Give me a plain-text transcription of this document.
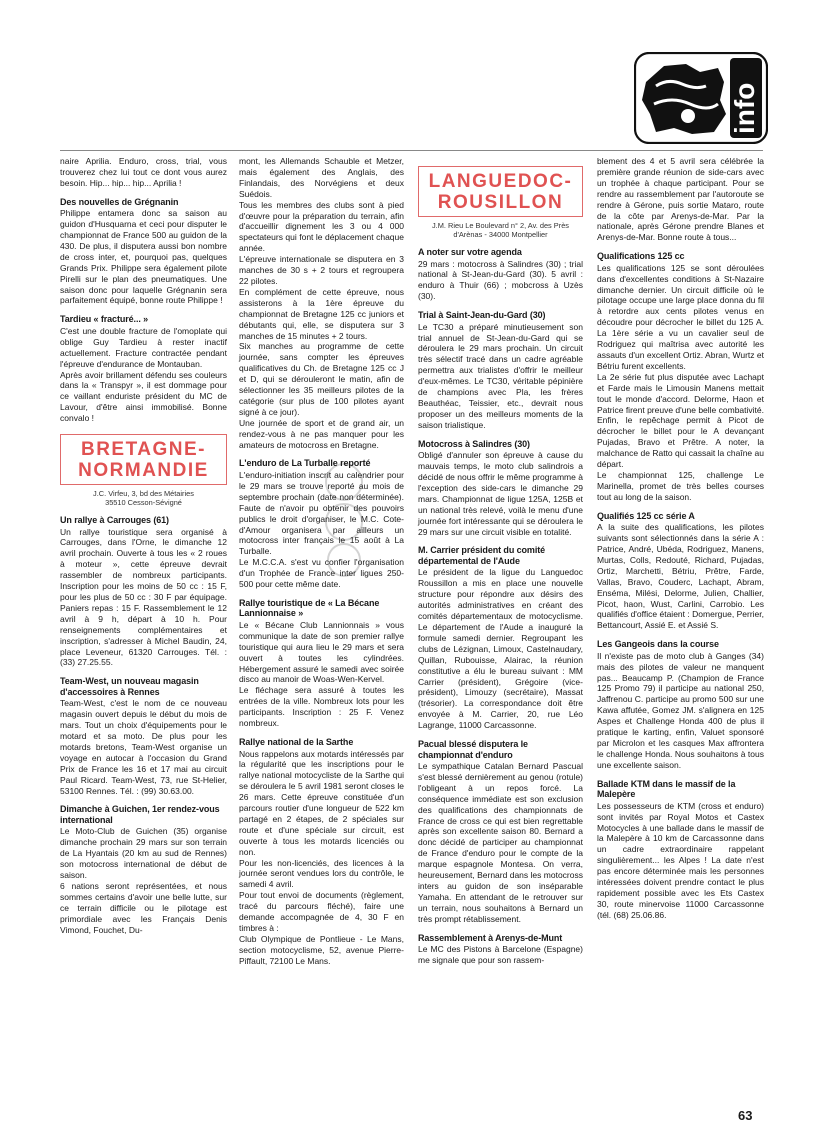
info

naire Aprilia. Enduro, cross, trial, vous trouverez chez lui tout ce dont vous aurez besoin. Hip... hip... hip... Aprilia !

Des nouvelles de Grégnanin

Philippe entamera donc sa saison au guidon d'Husquarna et ceci pour disputer le championnat de France 500 au guidon de la 430. De plus, il disputera aussi bon nombre de cross inter, et, pourquoi pas, quelques Grands Prix. Philippe sera également pilote Pirelli sur le plan des pneumatiques. Une saison donc pour laquelle Grégnanin sera parfaitement équipé, bonne route Philippe !

Tardieu « fracturé... »

C'est une double fracture de l'omoplate qui oblige Guy Tardieu à rester inactif actuellement. Fracture contractée pendant l'épreuve d'endurance de Montauban.

Après avoir brillament défendu ses couleurs dans la « Transpyr », il est dommage pour ce vaillant enduriste président du MC de Lavour, d'être ainsi immobilisé. Bonne convalo !

BRETAGNE-
NORMANDIE
J.C. Virfeu, 3, bd des Métairies
35510 Cesson-Sévigné
Un rallye à Carrouges (61)

Un rallye touristique sera organisé à Carrouges, dans l'Orne, le dimanche 12 avril prochain. Ouverte à tous les « 2 roues à moteur », cette épreuve devrait rassembler de nombreux participants. Inscription pour les moins de 50 cc : 15 F, pour les plus de 50 cc : 30 F par équipage. Paniers repas : 15 F. Rassemblement le 12 avril à 9 h, départ à 10 h. Pour renseignements complémentaires et inscription, s'adresser à Michel Baudin, 24, place Leveneur, 61320 Carrouges. Tél. : (33) 27.25.55.

Team-West, un nouveau magasin d'accessoires à Rennes

Team-West, c'est le nom de ce nouveau magasin ouvert depuis le début du mois de mars. Tout un choix d'équipements pour le motard et sa moto. De plus pour les motards bretons, Team-West organise un voyage en autocar à l'occasion du Grand Prix de France les 16 et 17 mai au circuit Paul Ricard. Team-West, 73, rue St-Helier, 53100 Rennes. Tél. : (99) 30.63.00.

Dimanche à Guichen, 1er rendez-vous international

Le Moto-Club de Guichen (35) organise dimanche prochain 29 mars sur son terrain de La Hyantais (20 km au sud de Rennes) son motocross international de début de saison.

6 nations seront représentées, et nous sommes certains d'avoir une belle lutte, sur ce terrain difficile ou le pilotage est primordiale avec les Français Denis Vimond, Fouchet, Du-

mont, les Allemands Schauble et Metzer, mais également des Anglais, des Finlandais, des Norvégiens et deux Suédois.

Tous les membres des clubs sont à pied d'œuvre pour la préparation du terrain, afin d'accueillir dignement les 3 ou 4 000 spectateurs qui font le déplacement chaque année.

L'épreuve internationale se disputera en 3 manches de 30 s + 2 tours et regroupera 22 pilotes.

En complément de cette épreuve, nous assisterons à la 1ère épreuve du championnat de Bretagne 125 cc juniors et débutants qui, elle, se disputera sur 3 manches de 15 minutes + 2 tours.

Six manches au programme de cette journée, sans compter les épreuves qualificatives du Ch. de Bretagne 125 cc J et D, qui se dérouleront le matin, afin de sélectionner les 35 meilleurs pilotes de la catégorie (sur plus de 100 pilotes ayant signé à ce jour).

Une journée de sport et de grand air, un rendez-vous à ne pas manquer pour les amateurs de motocross en Bretagne.

L'enduro de La Turballe reporté

L'enduro-initiation inscrit au calendrier pour le 29 mars se trouve reporté au mois de septembre prochain (date non déterminée). Faute de n'avoir pu obtenir des pouvoirs publics le droit d'organiser, le M.C. Cote-d'Amour organisera par ailleurs un motocross inter français le 15 août à La Turballe.

Le M.C.C.A. s'est vu confier l'organisation d'un Trophée de France inter ligues 250-500 pour cette même date.

Rallye touristique de « La Bécane Lannionnaise »

Le « Bécane Club Lannionnais » vous communique la date de son premier rallye touristique qui aura lieu le 29 mars et sera ouvert à toutes les cylindrées. Hébergement assuré le samedi avec soirée disco au manoir de Woas-Wen-Kervel.

Le fléchage sera assuré à toutes les entrées de la ville. Nombreux lots pour les participants. Inscription : 25 F. Venez nombreux.

Rallye national de la Sarthe

Nous rappelons aux motards intéressés par la régularité que les inscriptions pour le rallye national motocycliste de la Sarthe qui se déroulera le 5 avril 1981 seront closes le 26 mars. Cette épreuve constituée d'un parcours routier d'une longueur de 522 km partagé en 2 étapes, de 2 spéciales sur route et d'une spéciale sur circuit, est ouverte à tous les motards licenciés ou non.

Pour les non-licenciés, des licences à la journée seront vendues lors du contrôle, le samedi 4 avril.

Pour tout envoi de documents (règlement, tracé du parcours fléché), faire une demande accompagnée de 4, 30 F en timbres à :

Club Olympique de Pontlieue - Le Mans, section motocyclisme, 52, avenue Pierre-Piffault, 72100 Le Mans.

LANGUEDOC-
ROUSILLON
J.M. Rieu Le Boulevard n° 2, Av. des Près
d'Arènas - 34000 Montpellier
A noter sur votre agenda

29 mars : motocross à Salindres (30) ; trial national à St-Jean-du-Gard (30). 5 avril : enduro à Thuir (66) ; mobcross à Uzès (30).

Trial à Saint-Jean-du-Gard (30)

Le TC30 a préparé minutieusement son trial annuel de St-Jean-du-Gard qui se déroulera le 29 mars prochain. Un circuit très sélectif tracé dans un cadre agréable permettra aux trialistes d'offrir le meilleur d'eux-mêmes. Le TC30, véritable pépinière de champions avec Pla, les frères Beauthéac, Teissier, etc., devrait nous proposer un des meilleurs moments de la saison trialistique.

Motocross à Salindres (30)

Obligé d'annuler son épreuve à cause du mauvais temps, le moto club salindrois a décidé de nous offrir le même programme à l'exception des side-cars le dimanche 29 mars. Championnat de ligue 125A, 125B et un national très relevé, voilà le menu d'une journée fort intéressante qui se déroulera le 29 mars sur une circuit visible en totalité.

M. Carrier président du comité départemental de l'Aude

Le président de la ligue du Languedoc Roussillon a mis en place une nouvelle structure pour répondre aux désirs des autorités administratives en créant des comités départementaux de motocyclisme. Le département de l'Aude a inauguré la formule samedi dernier. Regroupant les clubs de Lézignan, Limoux, Castelnaudary, Quillan, Rubouisse, Alairac, la réunion constitutive a élu le bureau suivant : MM Carrier (président), Grégoire (vice-président), Limouzy (secrétaire), Massat (trésorier). La correspondance doit être envoyée à M. Carrier, 20, rue Léo Lagrange, 11000 Carcassonne.

Pacual blessé disputera le championnat d'enduro

Le sympathique Catalan Bernard Pascual s'est blessé dernièrement au genou (rotule) l'obligeant à un repos forcé. La conséquence immédiate est son exclusion des qualifications des championnats de France de cross ce qui est bien regrettable après son excellente saison 80. Bernard a donc décidé de participer au championnat de France d'enduro pour le compte de la marque espagnole Montesa. On verra, heureusement, Bernard dans les motocross inters au guidon de son inséparable Yamaha. En attendant de le retrouver sur un terrain, nous souhaitons à Bernard un très prompt rétablissement.

Rassemblement à Arenys-de-Munt

Le MC des Pistons à Barcelone (Espagne) me signale que pour son rassem-

blement des 4 et 5 avril sera célébrée la première grande réunion de side-cars avec un trophée à chaque participant. Pour se rendre au rassemblement par l'autoroute se rendre à Gérone, puis sortie Mataro, route de la côte par Arenys-de-Mar. Par la nationale, après Gérone prendre Blanes et Arenys-de-Mar. Bonne route à tous...

Qualifications 125 cc

Les qualifications 125 se sont déroulées dans d'excellentes conditions à St-Nazaire dimanche dernier. Un circuit difficile où le pilotage occupe une large place donna du fil à retordre aux cents pilotes venus en découdre pour décrocher le billet du 125 A. La 1ère série a vu un cavalier seul de Rodriguez qui maîtrisa avec autorité les assauts d'un excellent Ortiz. Abran, Wurtz et Bétriu furent excellents.

La 2e série fut plus disputée avec Lachapt et Farde mais le Limousin Manens mettait tout le monde d'accord. Delorme, Haon et Patrice firent preuve d'une belle combativité.

Enfin, le repêchage permit à Picot de décrocher le billet pour le A devançant Pujadas, Bravo et Prêtre. A noter, la malchance de Ratto qui cassait la chaîne au départ.

Le championnat 125, challenge Le Marinella, promet de très belles courses tout au long de la saison.

Qualifiés 125 cc série A

A la suite des qualifications, les pilotes suivants sont sélectionnés dans la série A : Patrice, André, Ubéda, Rodriguez, Manens, Murtas, Colls, Redouté, Richard, Pujadas, Ortiz, Marchetti, Bétriu, Prêtre, Farde, Vallas, Bravo, Couderc, Lachapt, Abram, Enséma, Milési, Delorme, Julien, Challier, Picot, haon, Wust, Carlini, Carrobio. Les qualifiés d'office étaient : Domergue, Perrier, Bettancourt, Assié E. et Assié S.

Les Gangeois dans la course

Il n'existe pas de moto club à Ganges (34) mais des pilotes de valeur ne manquent pas... Beaucamp P. (Champion de France 125 Promo 79) il participe au national 250, Jaffrenou C. participe au promo 500 sur une Kawa affutée, Gomez JM. s'alignera en 125 Aspes et Challenge Honda 400 de plus il pratique le karting, enfin, Valuet sponsoré par Microlon et les casques Max affrontera le challenge Honda. Nous souhaitons à tous une excellente saison.

Ballade KTM dans le massif de la Malepère

Les possesseurs de KTM (cross et enduro) sont invités par Royal Motos et Castex Motocycles à une ballade dans le massif de la Malepère à 10 km de Carcassonne dans un cadre extraordinaire rappelant singulièrement... les Alpes ! La date n'est pas encore déterminée mais les personnes intéressées doivent prendre contact le plus rapidement possible avec les Ets Castex 30, route minervoise 11000 Carcassonne (tél. (68) 25.06.86.

63
